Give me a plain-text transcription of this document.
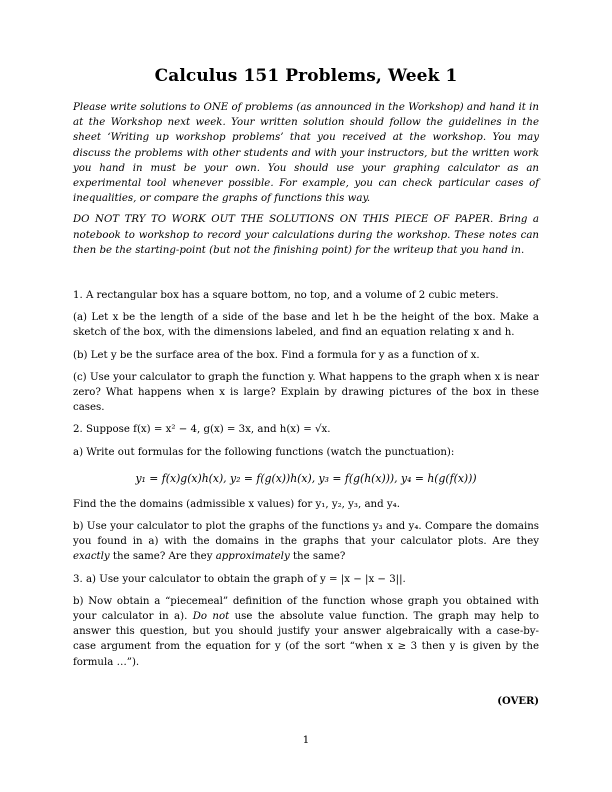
Calculus 151 Problems, Week 1

Please write solutions to ONE of problems (as announced in the Workshop) and hand it in at the Workshop next week. Your written solution should follow the guidelines in the sheet ‘Writing up workshop problems’ that you received at the workshop. You may discuss the problems with other students and with your instructors, but the written work you hand in must be your own. You should use your graphing calculator as an experimental tool whenever possible. For example, you can check particular cases of inequalities, or compare the graphs of functions this way.

DO NOT TRY TO WORK OUT THE SOLUTIONS ON THIS PIECE OF PAPER. Bring a notebook to workshop to record your calculations during the workshop. These notes can then be the starting-point (but not the finishing point) for the writeup that you hand in.

1. A rectangular box has a square bottom, no top, and a volume of 2 cubic meters.

(a) Let x be the length of a side of the base and let h be the height of the box. Make a sketch of the box, with the dimensions labeled, and find an equation relating x and h.

(b) Let y be the surface area of the box. Find a formula for y as a function of x.

(c) Use your calculator to graph the function y. What happens to the graph when x is near zero? What happens when x is large? Explain by drawing pictures of the box in these cases.

2. Suppose f(x) = x² − 4, g(x) = 3x, and h(x) = √x.

a) Write out formulas for the following functions (watch the punctuation):

y₁ = f(x)g(x)h(x), y₂ = f(g(x))h(x), y₃ = f(g(h(x))), y₄ = h(g(f(x)))

Find the the domains (admissible x values) for y₁, y₂, y₃, and y₄.

b) Use your calculator to plot the graphs of the functions y₃ and y₄. Compare the domains you found in a) with the domains in the graphs that your calculator plots. Are they exactly the same? Are they approximately the same?

3. a) Use your calculator to obtain the graph of y = |x − |x − 3||.

b) Now obtain a “piecemeal” definition of the function whose graph you obtained with your calculator in a). Do not use the absolute value function. The graph may help to answer this question, but you should justify your answer algebraically with a case-by-case argument from the equation for y (of the sort “when x ≥ 3 then y is given by the formula …”).

(OVER)
1
